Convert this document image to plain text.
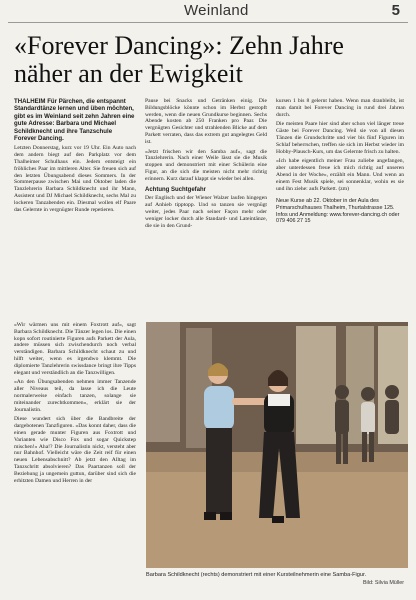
Weinland	5
«Forever Dancing»: Zehn Jahre näher an der Ewigkeit

THALHEIM Für Pärchen, die entspannt Standardtänze lernen und üben möchten, gibt es im Weinland seit zehn Jahren eine gute Adresse: Barbara und Michael Schildknecht und ihre Tanzschule Forever Dancing.

Letzten Donnerstag, kurz vor 19 Uhr. Ein Auto nach dem andern biegt auf den Parkplatz vor dem Thalheimer Schulhaus ein. Jedem entsteigt ein fröhliches Paar im mittleren Alter. Sie freuen sich auf den letzten Übungsabend dieses Sommers. In der Sommerpause zwischen Mai und Oktober laden die Tanzlehrerin Barbara Schildknecht und ihr Mann, Assistent und DJ Michael Schildknecht, sechs Mal zu lockeren Tanzabenden ein. Diesmal wollen elf Paare das Gelernte in vergnügter Runde repetieren.

Pause bei Snacks und Getränken einig. Die Bildungsblöcke könnte schon im Herbst gestopft werden, wenn die neuen Grundkurse beginnen. Sechs Abende kosten ab 250 Franken pro Paar. Die vergnügten Gesichter und strahlenden Blicke auf dem Parkett verraten, dass das extrem gut angelegtes Geld ist.

«Jetzt frischen wir den Samba auf», sagt die Tanzlehrerin. Nach einer Weile lässt sie die Musik stoppen und demonstriert mit einer Schülerin eine Figur, an die sich die meisten nicht mehr richtig erinnern. Kurz darauf klappt sie wieder bei allen.

Achtung Suchtgefahr

Der Englisch und der Wiener Walzer laufen hingegen auf Anhieb tipptopp. Und so tanzen sie vergnügt weiter, jedes Paar nach seiner Façon mehr oder weniger locker durch alle Standard- und Lateintänze, die sie in den Grund-

kursen 1 bis 8 gelernt haben. Wenn man dranbleibt, ist man damit bei Forever Dancing in rund drei Jahren durch.

Die meisten Paare hier sind aber schon viel länger treue Gäste bei Forever Dancing. Weil sie von all diesen Tänzen die Grundschritte und vier bis fünf Figuren im Schlaf beherrschen, treffen sie sich im Herbst wieder im Hobby-Plausch-Kurs, um das Gelernte frisch zu halten.

«Ich habe eigentlich meiner Frau zuliebe angefangen, aber unterdessen freue ich mich richtig auf unseren Abend in der Woche», erzählt ein Mann. Und wenn an einem Fest Musik spiele, sei sonnenklar, wohin es sie und ihn ziehe: aufs Parkett. (zm)

Neue Kurse ab 22. Oktober in der Aula des Primarschulhauses Thalheim, Thurtalstrasse 125. Infos und Anmeldung: www.forever-dancing.ch oder 079 406 27 15

«Wir wärmen uns mit einem Foxtrott auf», sagt Barbara Schildknecht. Die Tänzer legen los. Die einen kopn sofort routinierte Figuren aufs Parkett der Aula, andere müssen sich zwischendurch noch verbal verständigen. Barbara Schildknecht schaut zu und hilft weiter, wenn es irgendwo klemmt. Die diplomierte Tanzlehrerin swissdance bringt ihre Tipps elegant und verständlich an die Tanzwilligen.

«An den Übungsabenden nehmen immer Tanzende aller Niveaus teil, da lasse ich die Leute normalerweise einfach tanzen, solange sie miteinander zurechtkommen», erklärt sie der Journalistin.

Diese wundert sich über die Bandbreite der dargebotenen Tanzfiguren. «Das konnt daher, dass die einen gerade munter Figuren aus Foxtrott und Varianten wie Disco Fox und sogar Quickstep mischen!» Aha!? Die Journalistin nickt, versteht aber nur Bahnhof. Vielleicht wäre die Zeit reif für einen neuen Lebensabschnitt? Ab jetzt den Alltag im Tanzschritt absolvieren? Das Paartanzen soll der Beziehung ja ungemein guttun, darüber sind sich die erhitzten Damen und Herren in der

Barbara Schildknecht (rechts) demonstriert mit einer Kursteilnehmerin eine Samba-Figur.
Bild: Silvia Müller
